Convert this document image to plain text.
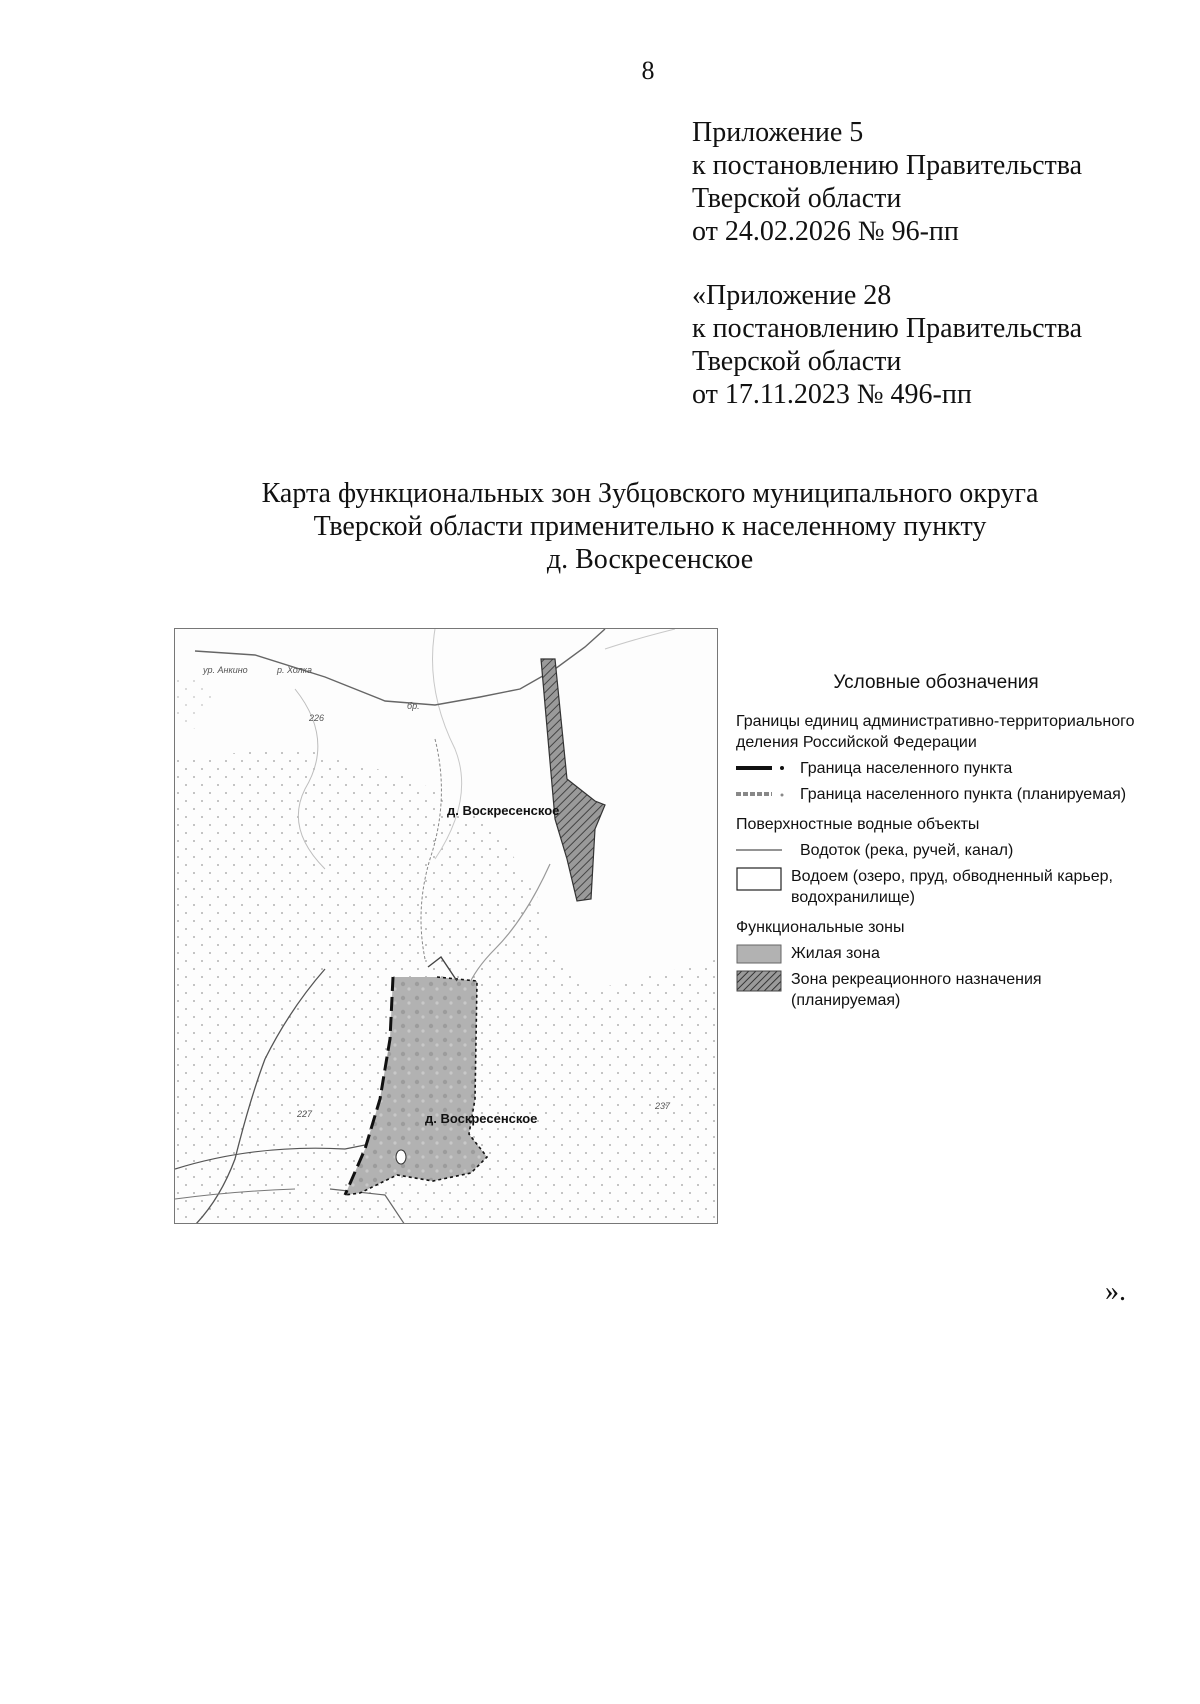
8
Приложение 5
к постановлению Правительства
Тверской области
от 24.02.2026 № 96-пп
«Приложение 28
к постановлению Правительства
Тверской области
от 17.11.2023 № 496-пп
Карта функциональных зон Зубцовского муниципального округа
Тверской области применительно к населенному пункту
д. Воскресенское
ур. Анкино	р. Холка
бр.
226
227
237
д. Воскресенское
д. Воскресенское
Условные обозначения
Границы единиц административно-территориального деления Российской Федерации
Граница населенного пункта
Граница населенного пункта (планируемая)
Поверхностные водные объекты
Водоток (река, ручей, канал)
Водоем (озеро, пруд, обводненный карьер, водохранилище)
Функциональные зоны
Жилая зона
Зона рекреационного назначения (планируемая)
».
